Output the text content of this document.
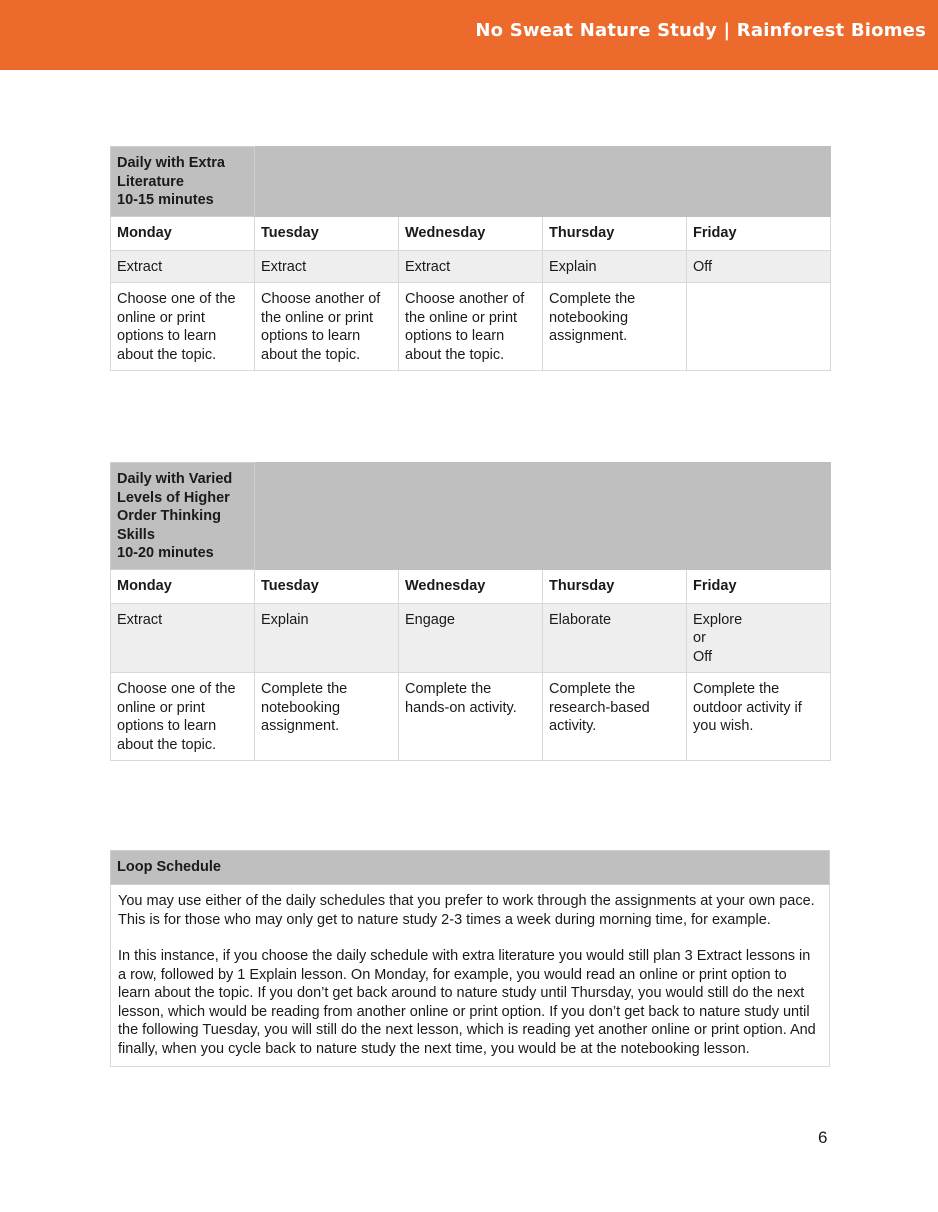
No Sweat Nature Study | Rainforest Biomes
Daily with Extra
Literature
10-15 minutes				

Monday	Tuesday	Wednesday	Thursday	Friday
Extract	Extract	Extract	Explain	Off
Choose one of the online or print options to learn about the topic.	Choose another of the online or print options to learn about the topic.	Choose another of the online or print options to learn about the topic.	Complete the notebooking assignment.	
Daily with Varied
Levels of Higher
Order Thinking
Skills
10-20 minutes				

Monday	Tuesday	Wednesday	Thursday	Friday
Extract	Explain	Engage	Elaborate	Explore
or
Off

Choose one of the online or print options to learn about the topic.	Complete the notebooking assignment.	Complete the hands-on activity.	Complete the research-based activity.	Complete the outdoor activity if you wish.
Loop Schedule

You may use either of the daily schedules that you prefer to work through the assignments at your own pace. This is for those who may only get to nature study 2-3 times a week during morning time, for example.

In this instance, if you choose the daily schedule with extra literature you would still plan 3 Extract lessons in a row, followed by 1 Explain lesson. On Monday, for example, you would read an online or print option to learn about the topic. If you don’t get back around to nature study until Thursday, you would still do the next lesson, which would be reading from another online or print option. If you don’t get back to nature study until the following Tuesday, you will still do the next lesson, which is reading yet another online or print option. And finally, when you cycle back to nature study the next time, you would be at the notebooking lesson.

6
